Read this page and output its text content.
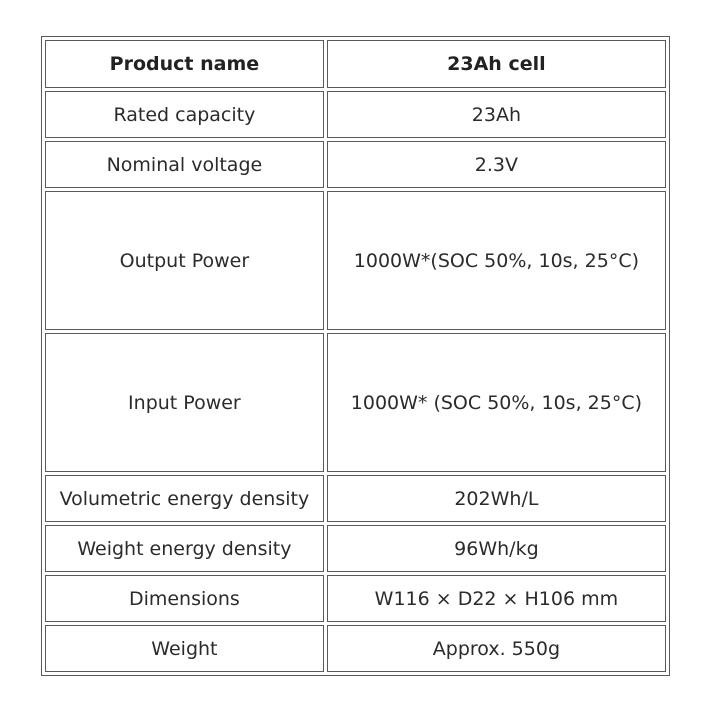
Product name	23Ah cell
Rated capacity	23Ah
Nominal voltage	2.3V
Output Power	1000W*(SOC 50%, 10s, 25°C)
Input Power	1000W* (SOC 50%, 10s, 25°C)
Volumetric energy density	202Wh/L
Weight energy density	96Wh/kg
Dimensions	W116 × D22 × H106 mm
Weight	Approx. 550g
